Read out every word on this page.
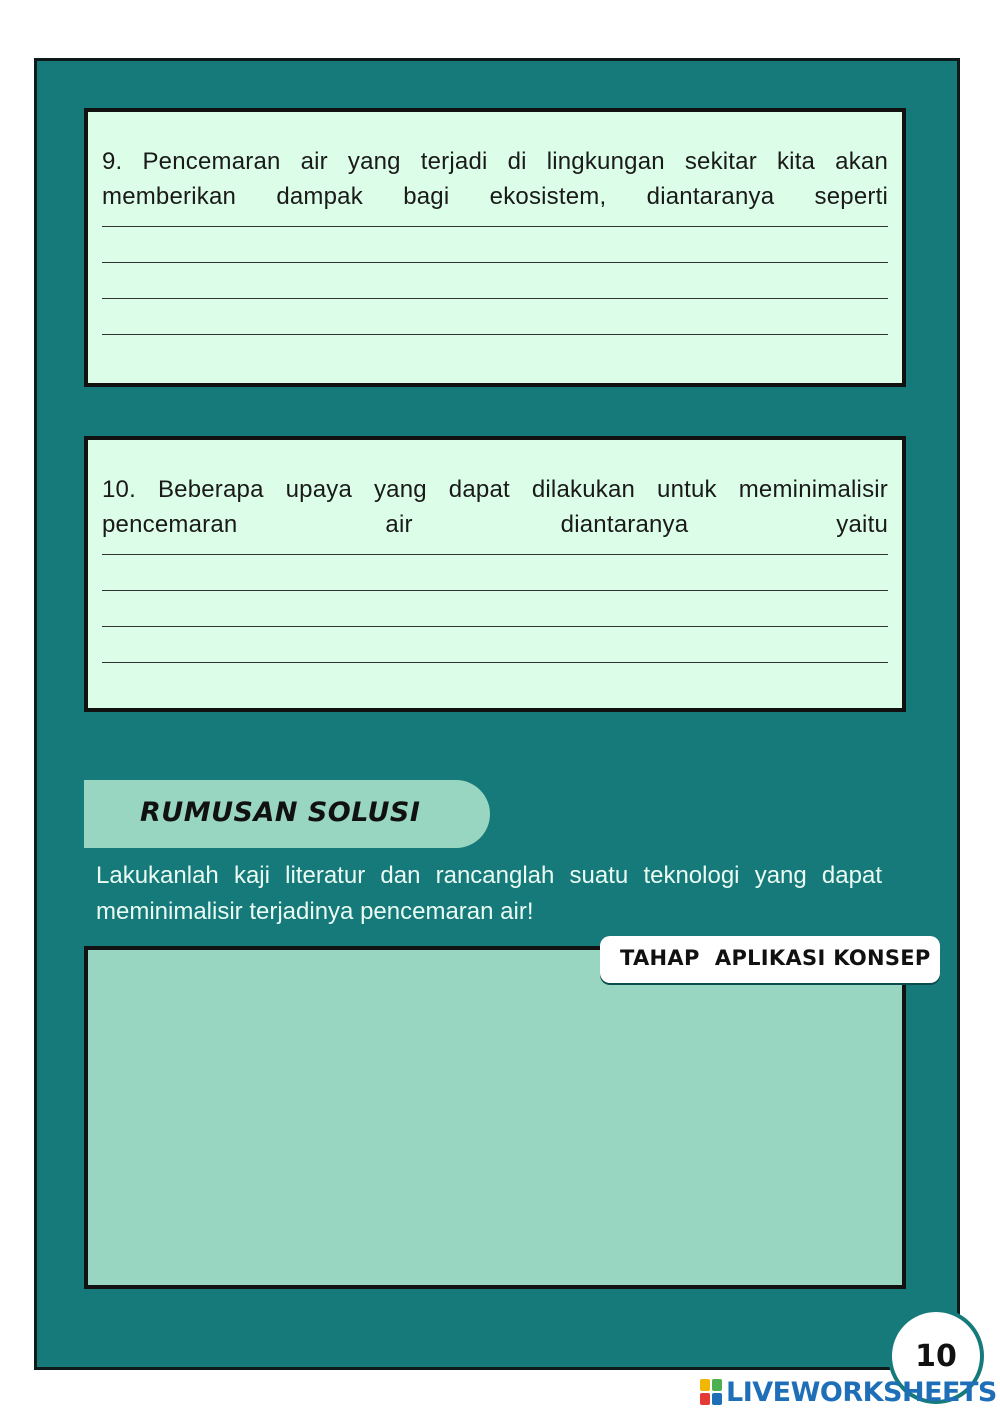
9. Pencemaran air yang terjadi di lingkungan sekitar kita akan memberikan dampak bagi ekosistem, diantaranya seperti

10. Beberapa upaya yang dapat dilakukan untuk meminimalisir pencemaran air diantaranya yaitu

RUMUSAN SOLUSI

Lakukanlah kaji literatur dan rancanglah suatu teknologi yang dapat meminimalisir terjadinya pencemaran air!

TAHAP  APLIKASI KONSEP
10
LIVEWORKSHEETS
